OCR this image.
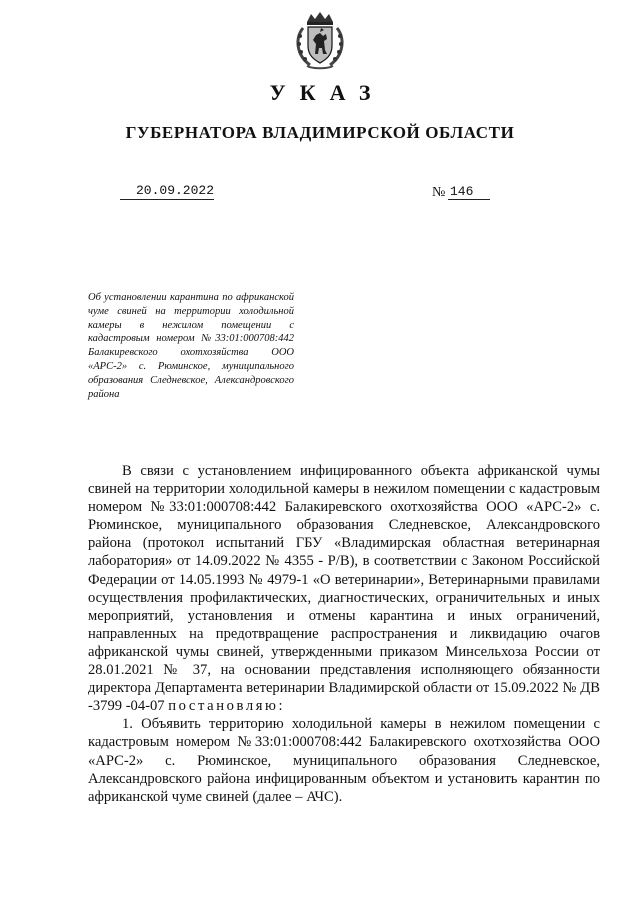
УКАЗ
ГУБЕРНАТОРА ВЛАДИМИРСКОЙ ОБЛАСТИ
20.09.2022	№ 146
Об установлении карантина по африканской чуме свиней на территории холодильной камеры в нежилом помещении с кадастровым номером №33:01:000708:442 Балакиревского охотхозяйства ООО «АРС-2» с. Рюминское, муниципального образования Следневское, Александровского района

В связи с установлением инфицированного объекта африканской чумы свиней на территории холодильной камеры в нежилом помещении с кадастровым номером №33:01:000708:442 Балакиревского охотхозяйства ООО «АРС-2» с. Рюминское, муниципального образования Следневское, Александровского района (протокол испытаний ГБУ «Владимирская областная ветеринарная лаборатория» от 14.09.2022 № 4355 - Р/В), в соответствии с Законом Российской Федерации от 14.05.1993 № 4979-1 «О ветеринарии», Ветеринарными правилами осуществления профилактических, диагностических, ограничительных и иных мероприятий, установления и отмены карантина и иных ограничений, направленных на предотвращение распространения и ликвидацию очагов африканской чумы свиней, утвержденными приказом Минсельхоза России от 28.01.2021 № 37, на основании представления исполняющего обязанности директора Департамента ветеринарии Владимирской области от 15.09.2022 № ДВ -3799 -04-07 постановляю:

1. Объявить территорию холодильной камеры в нежилом помещении с кадастровым номером №33:01:000708:442 Балакиревского охотхозяйства ООО «АРС-2» с. Рюминское, муниципального образования Следневское, Александровского района инфицированным объектом и установить карантин по африканской чуме свиней (далее – АЧС).
